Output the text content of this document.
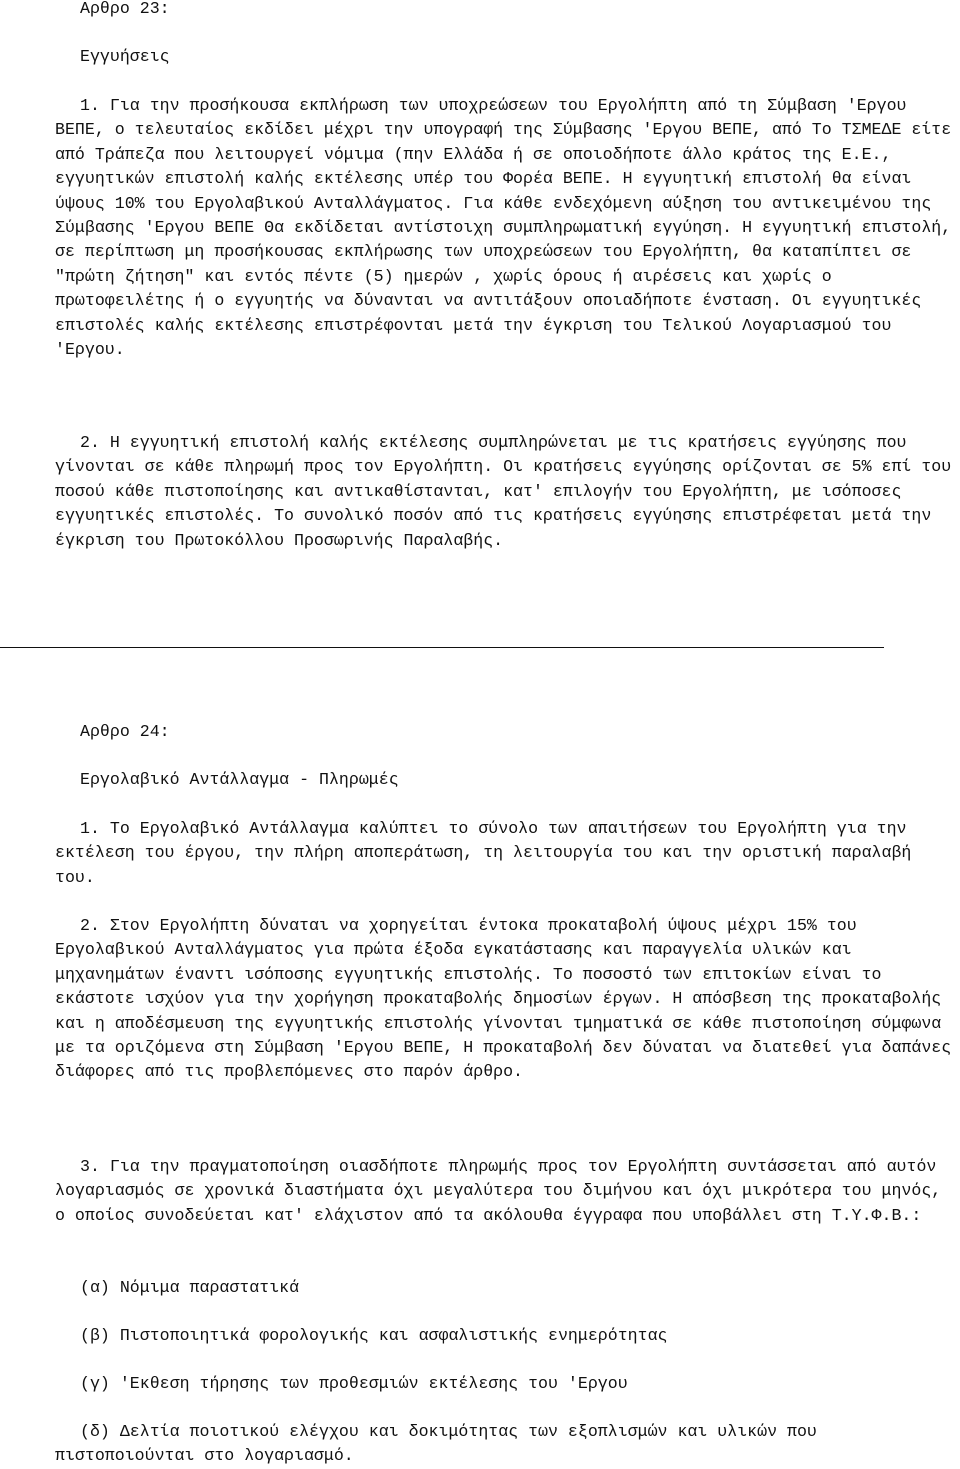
Αρθρο 23:

Εγγυήσεις

1. Για την προσήκουσα εκπλήρωση των υποχρεώσεων του Εργολήπτη από τη Σύμβαση 'Εργου ΒΕΠΕ, ο τελευταίος εκδίδει μέχρι την υπογραφή της Σύμβασης 'Εργου ΒΕΠΕ, από Το ΤΣΜΕΔΕ είτε από Τράπεζα που λειτουργεί νόμιμα (πην Ελλάδα ή σε οποιοδήποτε άλλο κράτος της Ε.Ε., εγγυητικών επιστολή καλής εκτέλεσης υπέρ του Φορέα ΒΕΠΕ. Η εγγυητική επιστολή θα είναι ύψους 10% του Εργολαβικού Ανταλλάγματος. Για κάθε ενδεχόμενη αύξηση του αντικειμένου της Σύμβασης 'Εργου ΒΕΠΕ Θα εκδίδεται αντίστοιχη συμπληρωματική εγγύηση. Η εγγυητική επιστολή, σε περίπτωση μη προσήκουσας εκπλήρωσης των υποχρεώσεων του Εργολήπτη, θα καταπίπτει σε "πρώτη ζήτηση" και εντός πέντε (5) ημερών , χωρίς όρους ή αιρέσεις και χωρίς ο πρωτοφειλέτης ή ο εγγυητής να δύνανται να αντιτάξουν οποιαδήποτε ένσταση. Οι εγγυητικές επιστολές καλής εκτέλεσης επιστρέφονται μετά την έγκριση του Τελικού Λογαριασμού του 'Εργου.

2. Η εγγυητική επιστολή καλής εκτέλεσης συμπληρώνεται με τις κρατήσεις εγγύησης που γίνονται σε κάθε πληρωμή προς τον Εργολήπτη. Οι κρατήσεις εγγύησης ορίζονται σε 5% επί του ποσού κάθε πιστοποίησης και αντικαθίστανται, κατ' επιλογήν του Εργολήπτη, με ισόποσες εγγυητικές επιστολές. Το συνολικό ποσόν από τις κρατήσεις εγγύησης επιστρέφεται μετά την έγκριση του Πρωτοκόλλου Προσωρινής Παραλαβής.

Αρθρο 24:

Εργολαβικό Αντάλλαγμα - Πληρωμές

1. Το Εργολαβικό Αντάλλαγμα καλύπτει το σύνολο των απαιτήσεων του Εργολήπτη για την εκτέλεση του έργου, την πλήρη αποπεράτωση, τη λειτουργία του και την οριστική παραλαβή του.

2. Στον Εργολήπτη δύναται να χορηγείται έντοκα προκαταβολή ύψους μέχρι 15% του Εργολαβικού Ανταλλάγματος για πρώτα έξοδα εγκατάστασης και παραγγελία υλικών και μηχανημάτων έναντι ισόποσης εγγυητικής επιστολής. Το ποσοστό των επιτοκίων είναι το εκάστοτε ισχύον για την χορήγηση προκαταβολής δημοσίων έργων. Η απόσβεση της προκαταβολής και η αποδέσμευση της εγγυητικής επιστολής γίνονται τμηματικά σε κάθε πιστοποίηση σύμφωνα με τα οριζόμενα στη Σύμβαση 'Εργου ΒΕΠΕ, Η προκαταβολή δεν δύναται να διατεθεί για δαπάνες διάφορες από τις προβλεπόμενες στο παρόν άρθρο.

3. Για την πραγματοποίηση οιασδήποτε πληρωμής προς τον Εργολήπτη συντάσσεται από αυτόν λογαριασμός σε χρονικά διαστήματα όχι μεγαλύτερα του διμήνου και όχι μικρότερα του μηνός, ο οποίος συνοδεύεται κατ' ελάχιστον από τα ακόλουθα έγγραφα που υποβάλλει στη Τ.Υ.Φ.Β.:

(α) Νόμιμα παραστατικά

(β) Πιστοποιητικά φορολογικής και ασφαλιστικής ενημερότητας

(γ) 'Εκθεση τήρησης των προθεσμιών εκτέλεσης του 'Εργου

(δ) Δελτία ποιοτικού ελέγχου και δοκιμότητας των εξοπλισμών και υλικών που πιστοποιούνται στο λογαριασμό.
